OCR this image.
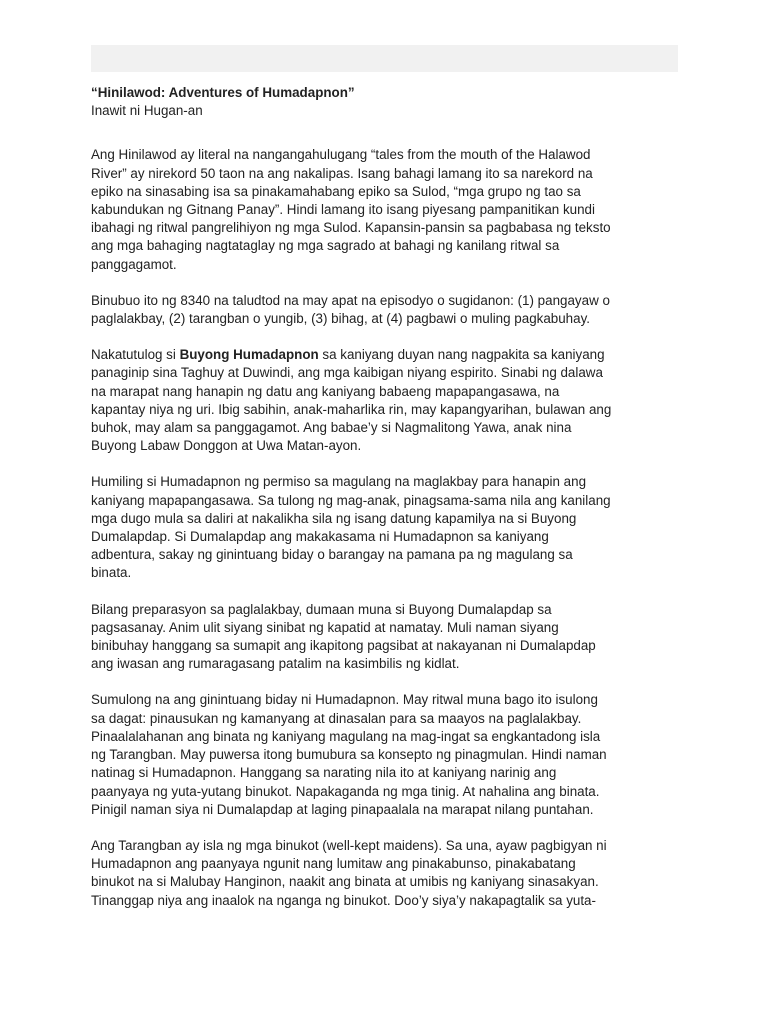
“Hinilawod: Adventures of Humadapnon”

Inawit ni Hugan-an

Ang Hinilawod ay literal na nangangahulugang “tales from the mouth of the Halawod
River” ay nirekord 50 taon na ang nakalipas. Isang bahagi lamang ito sa narekord na
epiko na sinasabing isa sa pinakamahabang epiko sa Sulod, “mga grupo ng tao sa
kabundukan ng Gitnang Panay”. Hindi lamang ito isang piyesang pampanitikan kundi
ibahagi ng ritwal pangrelihiyon ng mga Sulod. Kapansin-pansin sa pagbabasa ng teksto
ang mga bahaging nagtataglay ng mga sagrado at bahagi ng kanilang ritwal sa
panggagamot.
Binubuo ito ng 8340 na taludtod na may apat na episodyo o sugidanon: (1) pangayaw o
paglalakbay, (2) tarangban o yungib, (3) bihag, at (4) pagbawi o muling pagkabuhay.
Nakatutulog si Buyong Humadapnon sa kaniyang duyan nang nagpakita sa kaniyang
panaginip sina Taghuy at Duwindi, ang mga kaibigan niyang espirito. Sinabi ng dalawa
na marapat nang hanapin ng datu ang kaniyang babaeng mapapangasawa, na
kapantay niya ng uri. Ibig sabihin, anak-maharlika rin, may kapangyarihan, bulawan ang
buhok, may alam sa panggagamot. Ang babae’y si Nagmalitong Yawa, anak nina
Buyong Labaw Donggon at Uwa Matan-ayon.
Humiling si Humadapnon ng permiso sa magulang na maglakbay para hanapin ang
kaniyang mapapangasawa. Sa tulong ng mag-anak, pinagsama-sama nila ang kanilang
mga dugo mula sa daliri at nakalikha sila ng isang datung kapamilya na si Buyong
Dumalapdap. Si Dumalapdap ang makakasama ni Humadapnon sa kaniyang
adbentura, sakay ng ginintuang biday o barangay na pamana pa ng magulang sa
binata.
Bilang preparasyon sa paglalakbay, dumaan muna si Buyong Dumalapdap sa
pagsasanay. Anim ulit siyang sinibat ng kapatid at namatay. Muli naman siyang
binibuhay hanggang sa sumapit ang ikapitong pagsibat at nakayanan ni Dumalapdap
ang iwasan ang rumaragasang patalim na kasimbilis ng kidlat.
Sumulong na ang ginintuang biday ni Humadapnon. May ritwal muna bago ito isulong
sa dagat: pinausukan ng kamanyang at dinasalan para sa maayos na paglalakbay.
Pinaalalahanan ang binata ng kaniyang magulang na mag-ingat sa engkantadong isla
ng Tarangban. May puwersa itong bumubura sa konsepto ng pinagmulan. Hindi naman
natinag si Humadapnon. Hanggang sa narating nila ito at kaniyang narinig ang
paanyaya ng yuta-yutang binukot. Napakaganda ng mga tinig. At nahalina ang binata.
Pinigil naman siya ni Dumalapdap at laging pinapaalala na marapat nilang puntahan.
Ang Tarangban ay isla ng mga binukot (well-kept maidens). Sa una, ayaw pagbigyan ni
Humadapnon ang paanyaya ngunit nang lumitaw ang pinakabunso, pinakabatang
binukot na si Malubay Hanginon, naakit ang binata at umibis ng kaniyang sinasakyan.
Tinanggap niya ang inaalok na nganga ng binukot. Doo’y siya’y nakapagtalik sa yuta-
